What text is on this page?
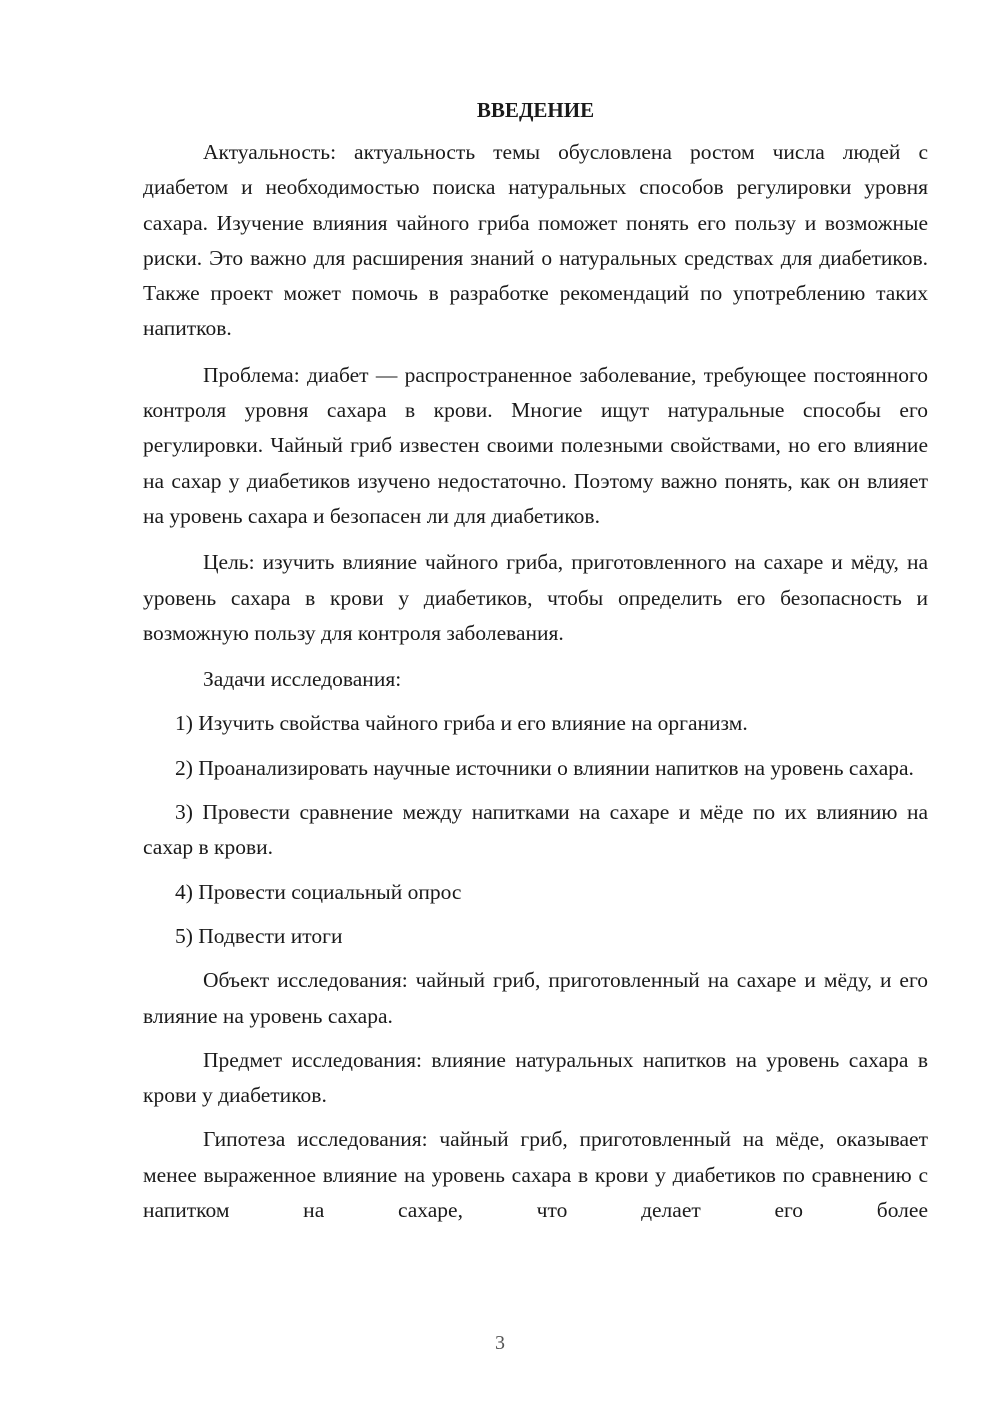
ВВЕДЕНИЕ

Актуальность: актуальность темы обусловлена ростом числа людей с диабетом и необходимостью поиска натуральных способов регулировки уровня сахара. Изучение влияния чайного гриба поможет понять его пользу и возможные риски. Это важно для расширения знаний о натуральных средствах для диабетиков. Также проект может помочь в разработке рекомендаций по употреблению таких напитков.

Проблема: диабет — распространенное заболевание, требующее постоянного контроля уровня сахара в крови. Многие ищут натуральные способы его регулировки. Чайный гриб известен своими полезными свойствами, но его влияние на сахар у диабетиков изучено недостаточно. Поэтому важно понять, как он влияет на уровень сахара и безопасен ли для диабетиков.

Цель: изучить влияние чайного гриба, приготовленного на сахаре и мёду, на уровень сахара в крови у диабетиков, чтобы определить его безопасность и возможную пользу для контроля заболевания.

Задачи исследования:

1) Изучить свойства чайного гриба и его влияние на организм.

2) Проанализировать научные источники о влиянии напитков на уровень сахара.

3) Провести сравнение между напитками на сахаре и мёде по их влиянию на сахар в крови.

4) Провести социальный опрос

5) Подвести итоги

Объект исследования: чайный гриб, приготовленный на сахаре и мёду, и его влияние на уровень сахара.

Предмет исследования: влияние натуральных напитков на уровень сахара в крови у диабетиков.

Гипотеза исследования: чайный гриб, приготовленный на мёде, оказывает менее выраженное влияние на уровень сахара в крови у диабетиков по сравнению с напитком на сахаре, что делает его более

3
